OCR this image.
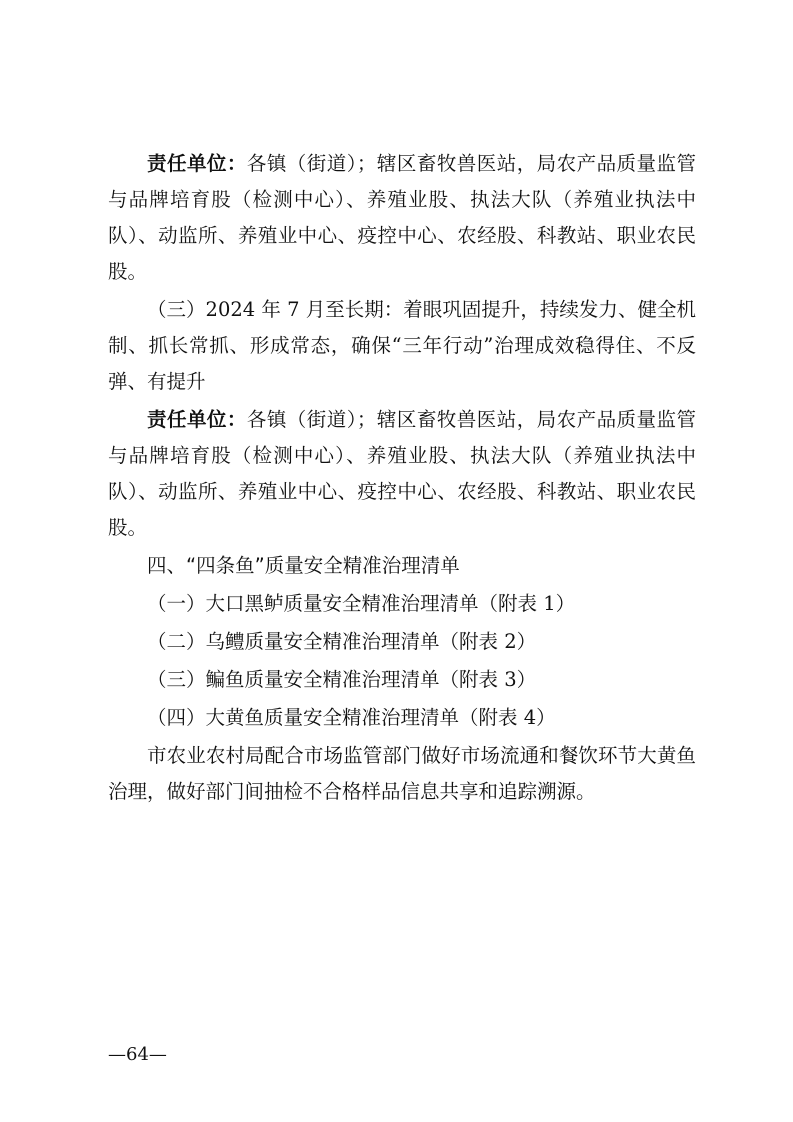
责任单位：各镇（街道）；辖区畜牧兽医站，局农产品质量监管与品牌培育股（检测中心）、养殖业股、执法大队（养殖业执法中队）、动监所、养殖业中心、疫控中心、农经股、科教站、职业农民股。

（三）2024 年 7 月至长期：着眼巩固提升，持续发力、健全机制、抓长常抓、形成常态，确保“三年行动”治理成效稳得住、不反弹、有提升

责任单位：各镇（街道）；辖区畜牧兽医站，局农产品质量监管与品牌培育股（检测中心）、养殖业股、执法大队（养殖业执法中队）、动监所、养殖业中心、疫控中心、农经股、科教站、职业农民股。

四、“四条鱼”质量安全精准治理清单

（一）大口黑鲈质量安全精准治理清单（附表 1）

（二）乌鳢质量安全精准治理清单（附表 2）

（三）鳊鱼质量安全精准治理清单（附表 3）

（四）大黄鱼质量安全精准治理清单（附表 4）

市农业农村局配合市场监管部门做好市场流通和餐饮环节大黄鱼治理，做好部门间抽检不合格样品信息共享和追踪溯源。

—64—
